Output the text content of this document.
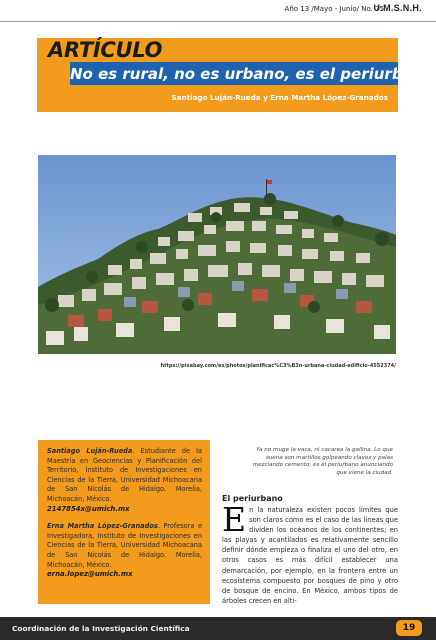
Año 13 /Mayo - Junio/ No. 75
U.M.S.N.H.
ARTÍCULO
No es rural, no es urbano, es el periurbano
Santiago Luján-Rueda y Erna Martha López-Granados
https://pixabay.com/es/photos/planificac%C3%B3n-urbana-ciudad-edificio-4552374/

Santiago Luján-Rueda. Estudiante de la Maestría en Geociencias y Planificación del Territorio, Instituto de Investigaciones en Ciencias de la Tierra, Universidad Michoacana de San Nicolás de Hidalgo. Morelia, Michoacán, México.
2147854x@umich.mx

Erna Martha López-Granados. Profesora e Investigadora, Instituto de Investigaciones en Ciencias de la Tierra, Universidad Michoacana de San Nicolás de Hidalgo. Morelia, Michoacán, México.
erna.lopez@umich.mx

Ya no muge la vaca, ni cacarea la gallina. Lo que suena son martillos golpeando clavos y palas mezclando cemento; es el periurbano anunciando que viene la ciudad.
El periurbano
En la naturaleza existen pocos límites que son claros como es el caso de las líneas que dividen los océanos de los continentes; en las playas y acantilados es relativamente sencillo definir dónde empieza o finaliza el uno del otro, en otros casos es más difícil establecer una demarcación, por ejemplo, en la frontera entre un ecosistema compuesto por bosques de pino y otro de bosque de encino. En México, ambos tipos de árboles crecen en alti-
Coordinación de la Investigación Científica	19
